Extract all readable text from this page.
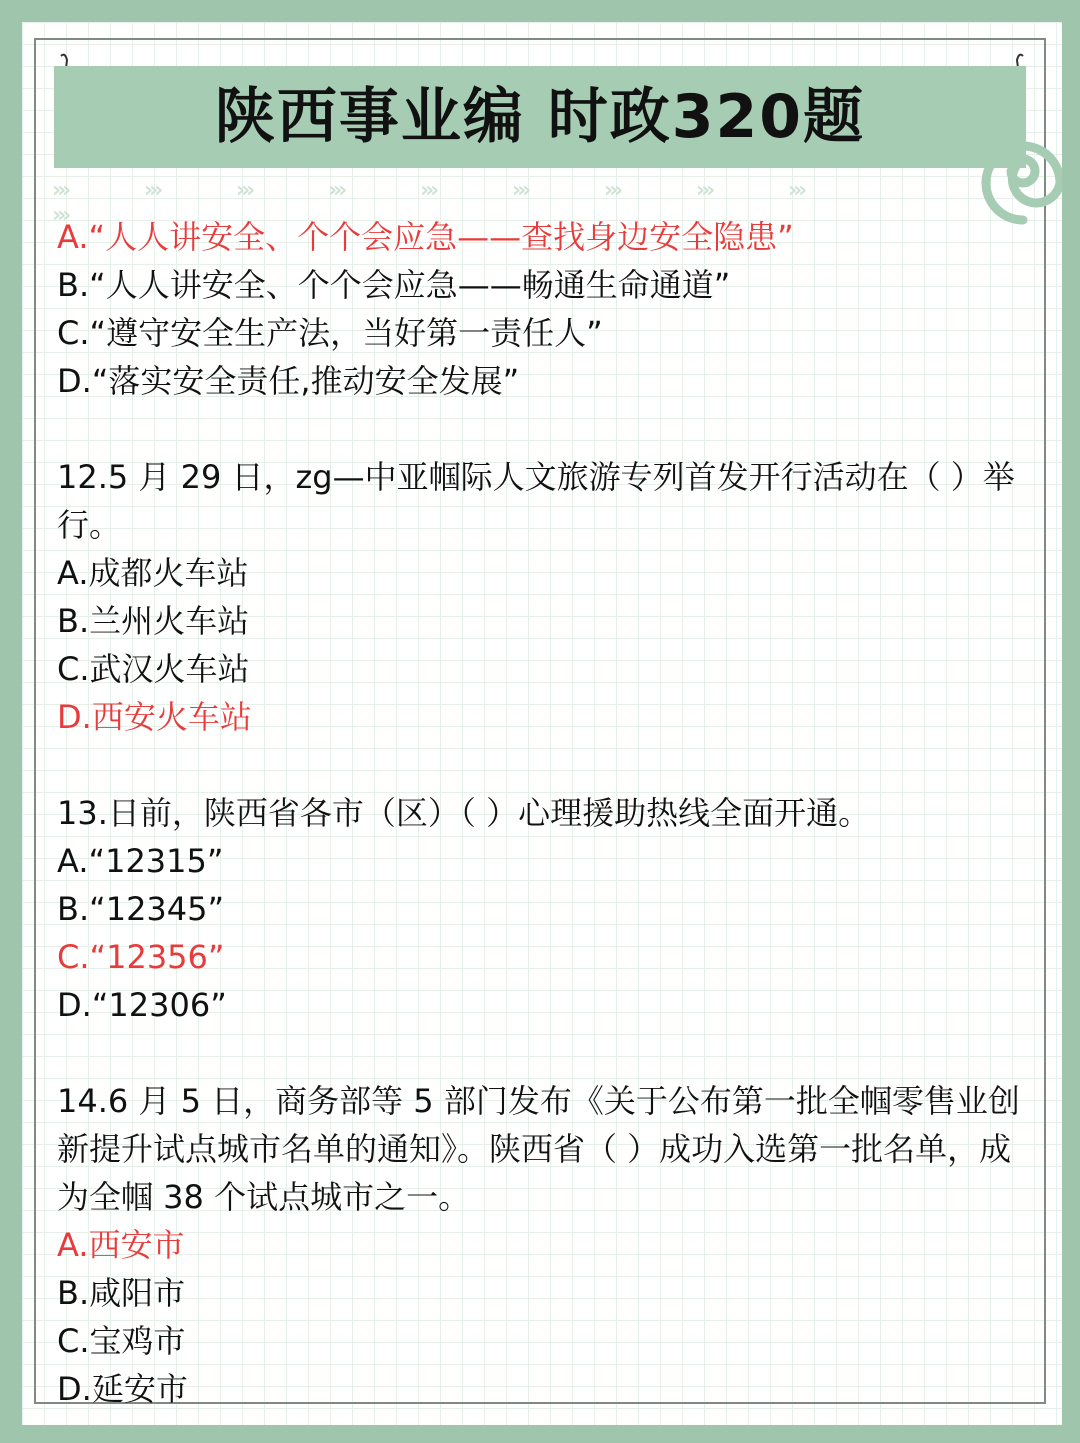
陕西事业编 时政320题
›››	›››	›››	›››	›››	›››	›››	›››	››››››
A.“人人讲安全、个个会应急——查找身边安全隐患”
B.“人人讲安全、个个会应急——畅通生命通道”
C.“遵守安全生产法，当好第一责任人”
D.“落实安全责任,推动安全发展”
12.5 月 29 日，zg—中亚帼际人文旅游专列首发开行活动在（ ）举行。
A.成都火车站
B.兰州火车站
C.武汉火车站
D.西安火车站
13.日前，陕西省各市（区）（ ）心理援助热线全面开通。
A.“12315”
B.“12345”
C.“12356”
D.“12306”
14.6 月 5 日，商务部等 5 部门发布《关于公布第一批全帼零售业创新提升试点城市名单的通知》。陕西省（ ）成功入选第一批名单，成为全帼 38 个试点城市之一。
A.西安市
B.咸阳市
C.宝鸡市
D.延安市
